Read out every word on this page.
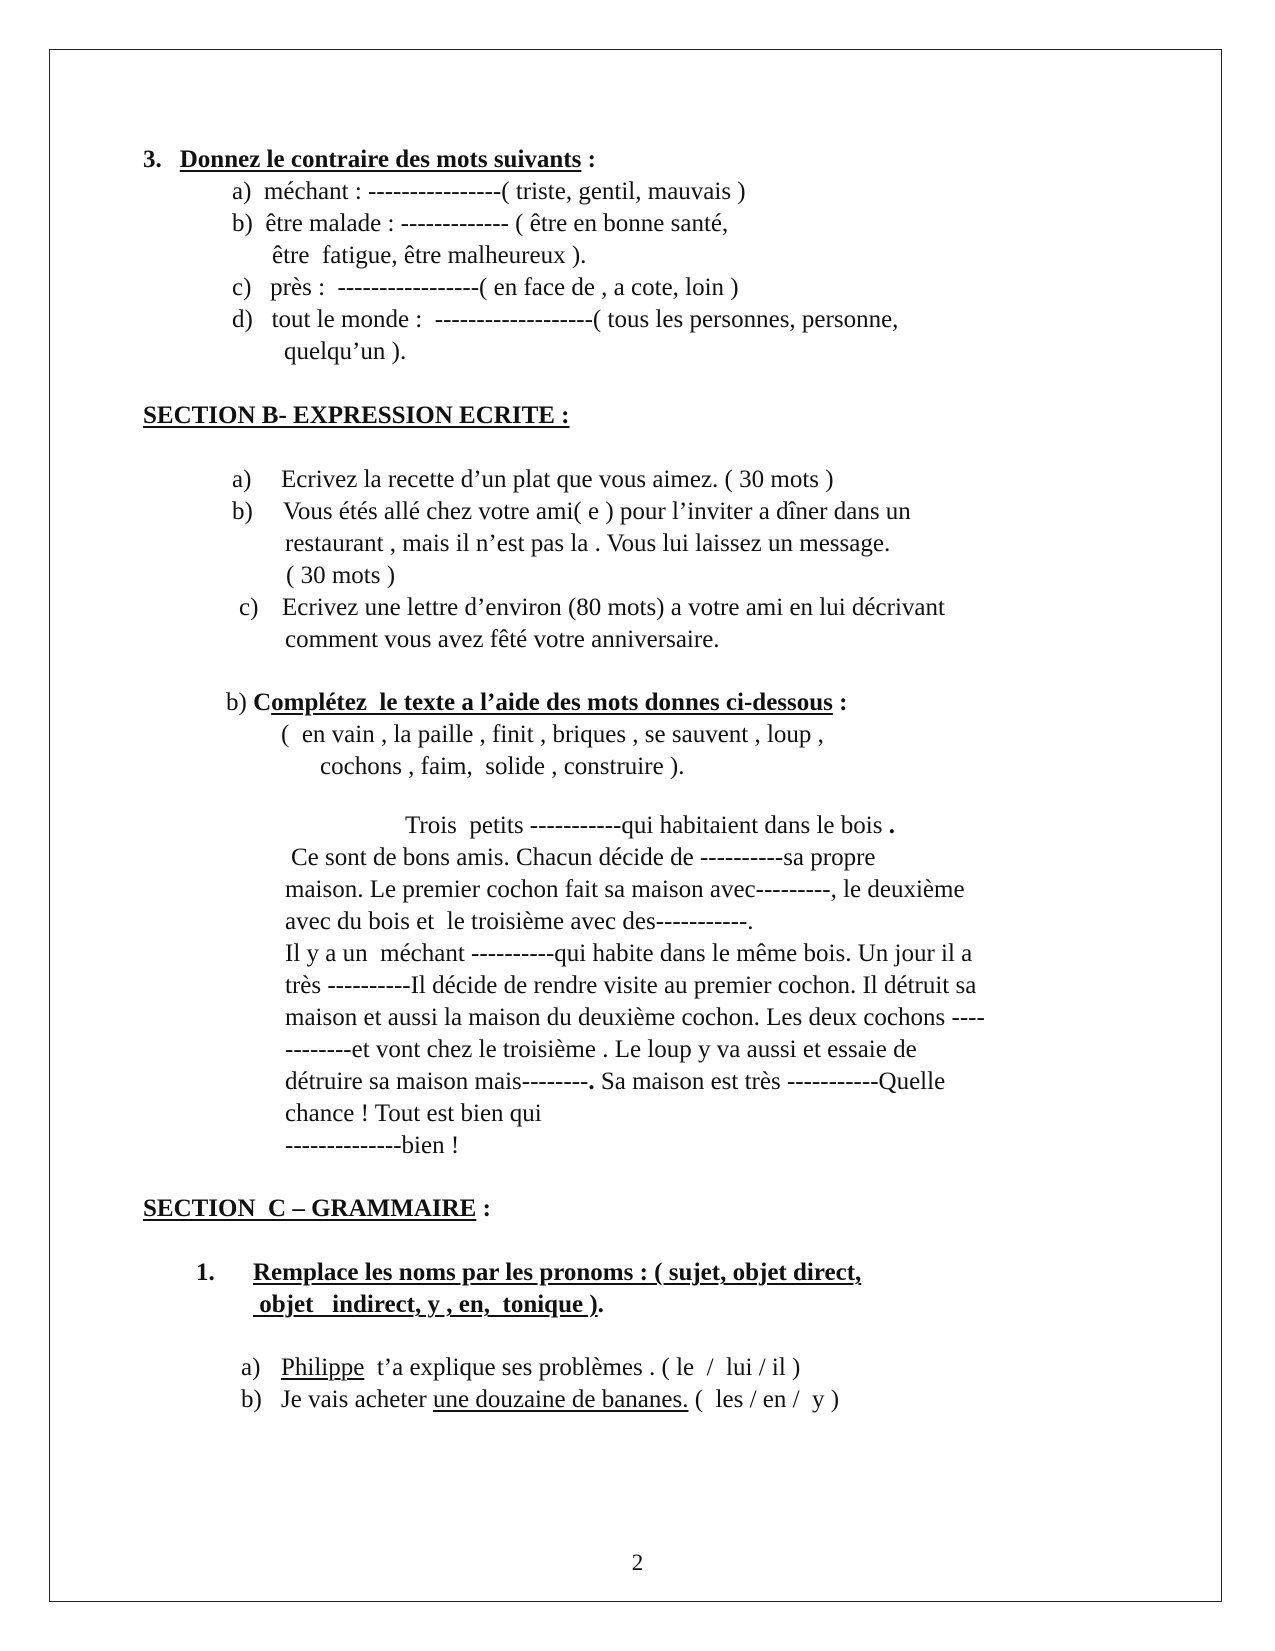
3. Donnez le contraire des mots suivants :
a)  méchant : ----------------( triste, gentil, mauvais )
b)  être malade : ------------- ( être en bonne santé,
être  fatigue, être malheureux ).
c)   près :  -----------------( en face de , a cote, loin )
d)   tout le monde :  -------------------( tous les personnes, personne,
quelqu’un ).
SECTION B- EXPRESSION ECRITE :
a) Ecrivez la recette d’un plat que vous aimez. ( 30 mots )
b) Vous étés allé chez votre ami( e ) pour l’inviter a dîner dans un
restaurant , mais il n’est pas la . Vous lui laissez un message.
( 30 mots )
c) Ecrivez une lettre d’environ (80 mots) a votre ami en lui décrivant
comment vous avez fêté votre anniversaire.
b) Complétez  le texte a l’aide des mots donnes ci-dessous :
(  en vain , la paille , finit , briques , se sauvent , loup ,
cochons , faim,  solide , construire ).
Trois  petits -----------qui habitaient dans le bois .
Ce sont de bons amis. Chacun décide de ----------sa propre
maison. Le premier cochon fait sa maison avec---------, le deuxième
avec du bois et  le troisième avec des-----------.
Il y a un  méchant ----------qui habite dans le même bois. Un jour il a
très ----------Il décide de rendre visite au premier cochon. Il détruit sa
maison et aussi la maison du deuxième cochon. Les deux cochons ----
--------et vont chez le troisième . Le loup y va aussi et essaie de
détruire sa maison mais--------. Sa maison est très -----------Quelle
chance ! Tout est bien qui
--------------bien !
SECTION  C – GRAMMAIRE :
1. Remplace les noms par les pronoms : ( sujet, objet direct,
objet   indirect, y , en,  tonique ).
a) Philippe  t’a explique ses problèmes . ( le  /  lui / il )
b) Je vais acheter une douzaine de bananes. (  les / en /  y )
2
